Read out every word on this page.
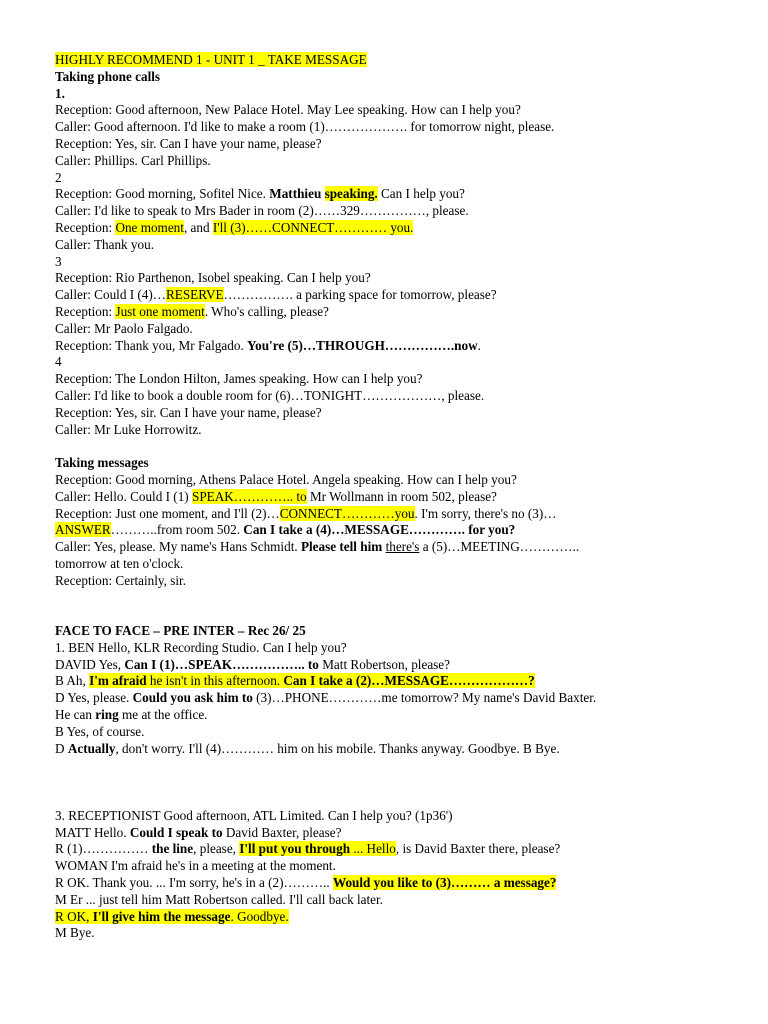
HIGHLY RECOMMEND 1 - UNIT 1 _ TAKE MESSAGE
Taking phone calls
1.
Reception: Good afternoon, New Palace Hotel. May Lee speaking. How can I help you?
Caller: Good afternoon. I'd like to make a room (1)………………. for tomorrow night, please.
Reception: Yes, sir. Can I have your name, please?
Caller: Phillips. Carl Phillips.
2
Reception: Good morning, Sofitel Nice. Matthieu speaking. Can I help you?
Caller: I'd like to speak to Mrs Bader in room (2)……329……………, please.
Reception: One moment, and I'll (3)……CONNECT………… you.
Caller: Thank you.
3
Reception: Rio Parthenon, Isobel speaking. Can I help you?
Caller: Could I (4)…RESERVE……………. a parking space for tomorrow, please?
Reception: Just one moment. Who's calling, please?
Caller: Mr Paolo Falgado.
Reception: Thank you, Mr Falgado. You're (5)…THROUGH…………….now.
4
Reception: The London Hilton, James speaking. How can I help you?
Caller: I'd like to book a double room for (6)…TONIGHT………………, please.
Reception: Yes, sir. Can I have your name, please?
Caller: Mr Luke Horrowitz.
Taking messages
Reception: Good morning, Athens Palace Hotel. Angela speaking. How can I help you?
Caller: Hello. Could I (1) SPEAK………….. to Mr Wollmann in room 502, please?
Reception: Just one moment, and I'll (2)…CONNECT…………you. I'm sorry, there's no (3)…
ANSWER………..from room 502. Can I take a (4)…MESSAGE…………. for you?
Caller: Yes, please. My name's Hans Schmidt. Please tell him there's a (5)…MEETING…………..
tomorrow at ten o'clock.
Reception: Certainly, sir.
FACE TO FACE – PRE INTER – Rec 26/ 25
1. BEN Hello, KLR Recording Studio. Can I help you?
DAVID Yes, Can I (1)…SPEAK…………….. to Matt Robertson, please?
B Ah, I'm afraid he isn't in this afternoon. Can I take a (2)…MESSAGE………………?
D Yes, please. Could you ask him to (3)…PHONE…………me tomorrow? My name's David Baxter.
He can ring me at the office.
B Yes, of course.
D Actually, don't worry. I'll (4)………… him on his mobile. Thanks anyway. Goodbye. B Bye.
3. RECEPTIONIST Good afternoon, ATL Limited. Can I help you? (1p36')
MATT Hello. Could I speak to David Baxter, please?
R (1)…………… the line, please, I'll put you through ... Hello, is David Baxter there, please?
WOMAN I'm afraid he's in a meeting at the moment.
R OK. Thank you. ... I'm sorry, he's in a (2)……….. Would you like to (3)……… a message?
M Er ... just tell him Matt Robertson called. I'll call back later.
R OK, I'll give him the message. Goodbye.
M Bye.
